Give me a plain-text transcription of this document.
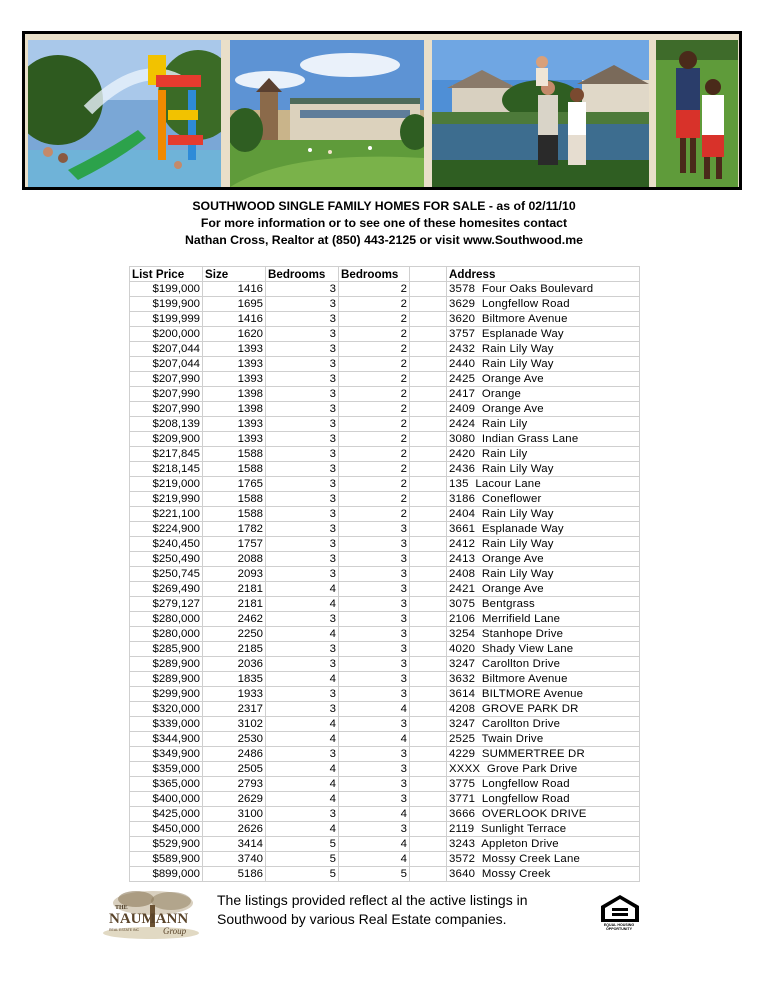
SOUTHWOOD SINGLE FAMILY HOMES FOR SALE - as of 02/11/10
For more information or to see one of these homesites contact
Nathan Cross, Realtor at (850) 443-2125 or visit www.Southwood.me
List Price	Size	Bedrooms	Bedrooms		Address
$199,000	1416	3	2		3578  Four Oaks Boulevard
$199,900	1695	3	2		3629  Longfellow Road
$199,999	1416	3	2		3620  Biltmore Avenue
$200,000	1620	3	2		3757  Esplanade Way
$207,044	1393	3	2		2432  Rain Lily Way
$207,044	1393	3	2		2440  Rain Lily Way
$207,990	1393	3	2		2425  Orange Ave
$207,990	1398	3	2		2417  Orange
$207,990	1398	3	2		2409  Orange Ave
$208,139	1393	3	2		2424  Rain Lily
$209,900	1393	3	2		3080  Indian Grass Lane
$217,845	1588	3	2		2420  Rain Lily
$218,145	1588	3	2		2436  Rain Lily Way
$219,000	1765	3	2		135  Lacour Lane
$219,990	1588	3	2		3186  Coneflower
$221,100	1588	3	2		2404  Rain Lily Way
$224,900	1782	3	3		3661  Esplanade Way
$240,450	1757	3	3		2412  Rain Lily Way
$250,490	2088	3	3		2413  Orange Ave
$250,745	2093	3	3		2408  Rain Lily Way
$269,490	2181	4	3		2421  Orange Ave
$279,127	2181	4	3		3075  Bentgrass
$280,000	2462	3	3		2106  Merrifield Lane
$280,000	2250	4	3		3254  Stanhope Drive
$285,900	2185	3	3		4020  Shady View Lane
$289,900	2036	3	3		3247  Carollton Drive
$289,900	1835	4	3		3632  Biltmore Avenue
$299,900	1933	3	3		3614  BILTMORE Avenue
$320,000	2317	3	4		4208  GROVE PARK DR
$339,000	3102	4	3		3247  Carollton Drive
$344,900	2530	4	4		2525  Twain Drive
$349,900	2486	3	3		4229  SUMMERTREE DR
$359,000	2505	4	3		XXXX  Grove Park Drive
$365,000	2793	4	3		3775  Longfellow Road
$400,000	2629	4	3		3771  Longfellow Road
$425,000	3100	3	4		3666  OVERLOOK DRIVE
$450,000	2626	4	3		2119  Sunlight Terrace
$529,900	3414	5	4		3243  Appleton Drive
$589,900	3740	5	4		3572  Mossy Creek Lane
$899,000	5186	5	5		3640  Mossy Creek
THE
NAUMANN
Group
REAL ESTATE INC
The listings provided reflect al the active listings in
Southwood by various Real Estate companies.	EQUAL HOUSING
OPPORTUNITY
